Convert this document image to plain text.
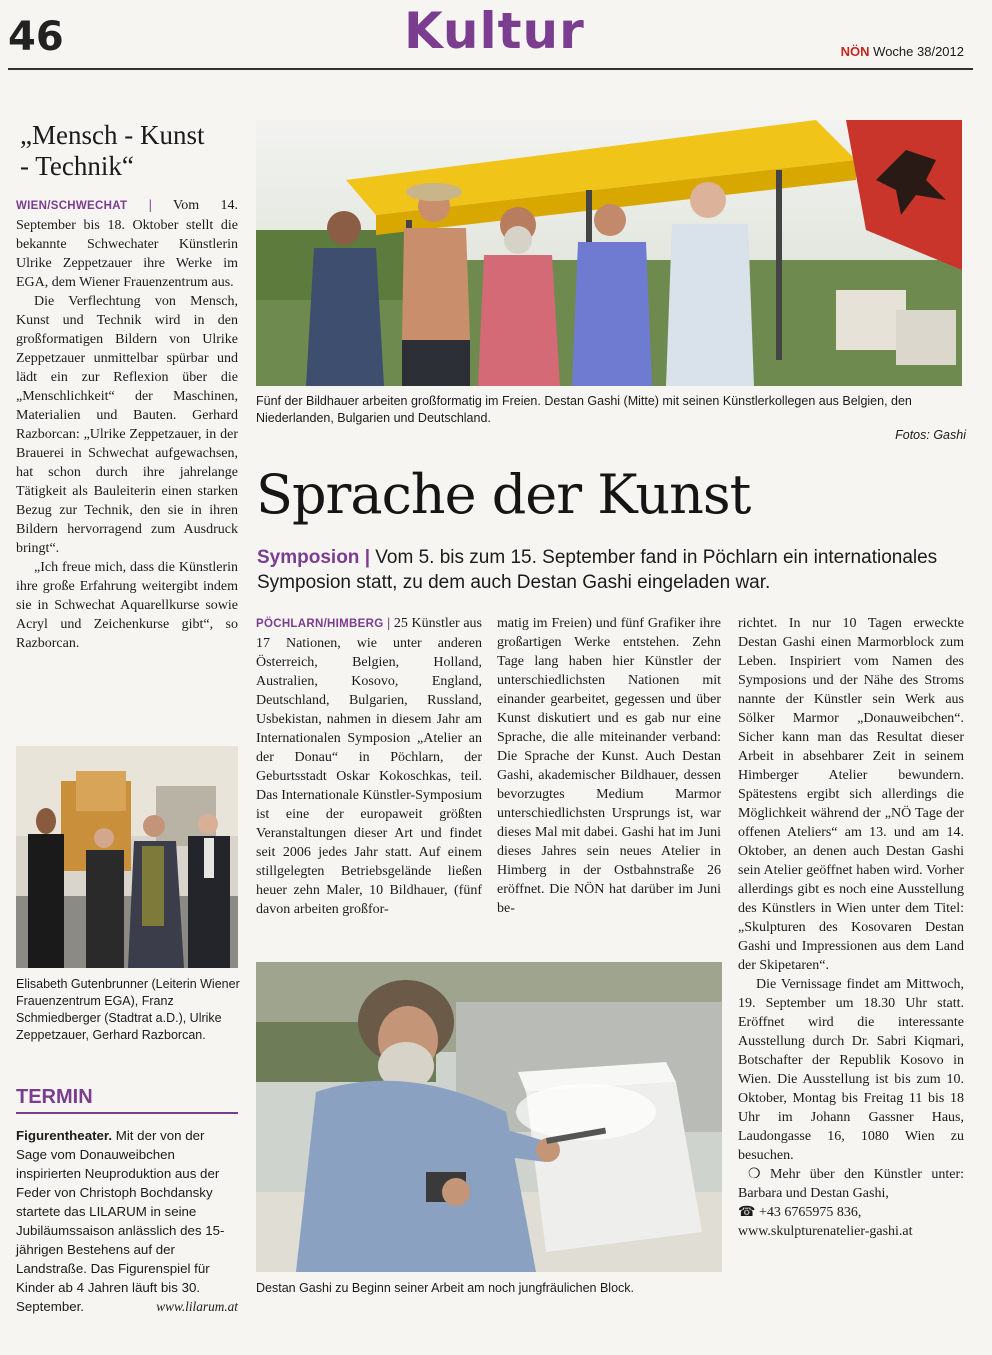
46	Kultur	NÖN Woche 38/2012
„Mensch - Kunst
- Technik“

WIEN/SCHWECHAT | Vom 14. September bis 18. Oktober stellt die bekannte Schwechater Künstlerin Ulrike Zeppetzauer ihre Werke im EGA, dem Wiener Frauenzentrum aus.

Die Verflechtung von Mensch, Kunst und Technik wird in den großformatigen Bildern von Ulrike Zeppetzauer unmittelbar spürbar und lädt ein zur Reflexion über die „Menschlichkeit“ der Maschinen, Materialien und Bauten. Gerhard Razborcan: „Ulrike Zeppetzauer, in der Brauerei in Schwechat aufgewachsen, hat schon durch ihre jahrelange Tätigkeit als Bauleiterin einen starken Bezug zur Technik, den sie in ihren Bildern hervorragend zum Ausdruck bringt“.

„Ich freue mich, dass die Künstlerin ihre große Erfahrung weitergibt indem sie in Schwechat Aquarellkurse sowie Acryl und Zeichenkurse gibt“, so Razborcan.

Elisabeth Gutenbrunner (Leiterin Wiener Frauenzentrum EGA), Franz Schmiedberger (Stadtrat a.D.), Ulrike Zeppetzauer, Gerhard Razborcan.
TERMIN
Figurentheater. Mit der von der Sage vom Donauweibchen inspirierten Neuproduktion aus der Feder von Christoph Bochdansky startete das LILARUM in seine Jubiläumssaison anlässlich des 15-jährigen Bestehens auf der Landstraße. Das Figurenspiel für Kinder ab 4 Jahren läuft bis 30. September.	www.lilarum.at
Fünf der Bildhauer arbeiten großformatig im Freien. Destan Gashi (Mitte) mit seinen Künstlerkollegen aus Belgien, den Niederlanden, Bulgarien und Deutschland.
Fotos: Gashi
Sprache der Kunst
Symposion | Vom 5. bis zum 15. September fand in Pöchlarn ein internationales Symposion statt, zu dem auch Destan Gashi eingeladen war.

PÖCHLARN/HIMBERG | 25 Künstler aus 17 Nationen, wie unter anderen Österreich, Belgien, Holland, Australien, Kosovo, England, Deutschland, Bulgarien, Russland, Usbekistan, nahmen in diesem Jahr am Internationalen Symposion „Atelier an der Donau“ in Pöchlarn, der Geburtsstadt Oskar Kokoschkas, teil. Das Internationale Künstler-Symposium ist eine der europaweit größten Veranstaltungen dieser Art und findet seit 2006 jedes Jahr statt. Auf einem stillgelegten Betriebsgelände ließen heuer zehn Maler, 10 Bildhauer, (fünf davon arbeiten großfor-

matig im Freien) und fünf Grafiker ihre großartigen Werke entstehen. Zehn Tage lang haben hier Künstler der unterschiedlichsten Nationen mit einander gearbeitet, gegessen und über Kunst diskutiert und es gab nur eine Sprache, die alle miteinander verband: Die Sprache der Kunst. Auch Destan Gashi, akademischer Bildhauer, dessen bevorzugtes Medium Marmor unterschiedlichsten Ursprungs ist, war dieses Mal mit dabei. Gashi hat im Juni dieses Jahres sein neues Atelier in Himberg in der Ostbahnstraße 26 eröffnet. Die NÖN hat darüber im Juni be-

richtet. In nur 10 Tagen erweckte Destan Gashi einen Marmorblock zum Leben. Inspiriert vom Namen des Symposions und der Nähe des Stroms nannte der Künstler sein Werk aus Sölker Marmor „Donauweibchen“. Sicher kann man das Resultat dieser Arbeit in absehbarer Zeit in seinem Himberger Atelier bewundern. Spätestens ergibt sich allerdings die Möglichkeit während der „NÖ Tage der offenen Ateliers“ am 13. und am 14. Oktober, an denen auch Destan Gashi sein Atelier geöffnet haben wird. Vorher allerdings gibt es noch eine Ausstellung des Künstlers in Wien unter dem Titel: „Skulpturen des Kosovaren Destan Gashi und Impressionen aus dem Land der Skipetaren“.

Die Vernissage findet am Mittwoch, 19. September um 18.30 Uhr statt. Eröffnet wird die interessante Ausstellung durch Dr. Sabri Kiqmari, Botschafter der Republik Kosovo in Wien. Die Ausstellung ist bis zum 10. Oktober, Montag bis Freitag 11 bis 18 Uhr im Johann Gassner Haus, Laudongasse 16, 1080 Wien zu besuchen.

❍ Mehr über den Künstler unter: Barbara und Destan Gashi,
☎ +43 6765975 836,
www.skulpturenatelier-gashi.at

Destan Gashi zu Beginn seiner Arbeit am noch jungfräulichen Block.
